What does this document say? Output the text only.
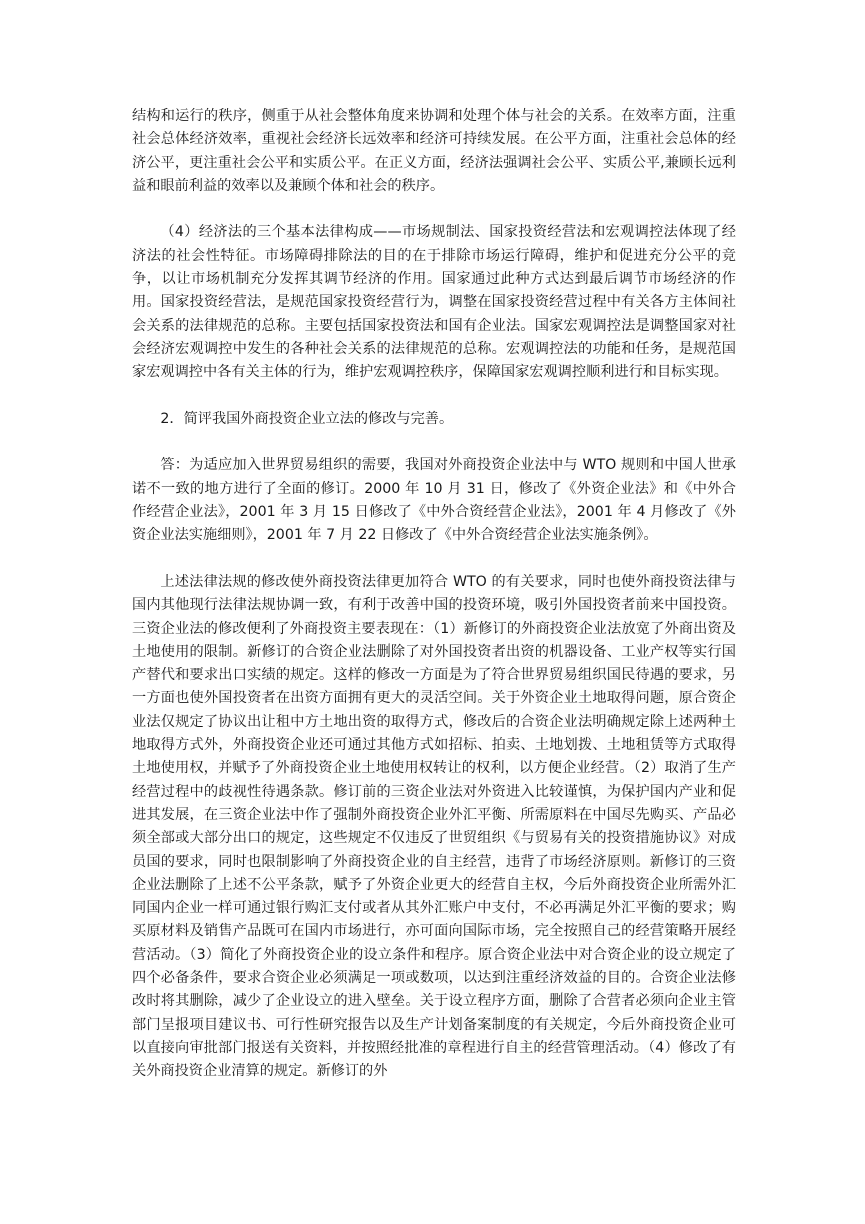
结构和运行的秩序，侧重于从社会整体角度来协调和处理个体与社会的关系。在效率方面，注重社会总体经济效率，重视社会经济长远效率和经济可持续发展。在公平方面，注重社会总体的经济公平，更注重社会公平和实质公平。在正义方面，经济法强调社会公平、实质公平,兼顾长远利益和眼前利益的效率以及兼顾个体和社会的秩序。

（4）经济法的三个基本法律构成——市场规制法、国家投资经营法和宏观调控法体现了经济法的社会性特征。市场障碍排除法的目的在于排除市场运行障碍，维护和促进充分公平的竞争，以让市场机制充分发挥其调节经济的作用。国家通过此种方式达到最后调节市场经济的作用。国家投资经营法，是规范国家投资经营行为，调整在国家投资经营过程中有关各方主体间社会关系的法律规范的总称。主要包括国家投资法和国有企业法。国家宏观调控法是调整国家对社会经济宏观调控中发生的各种社会关系的法律规范的总称。宏观调控法的功能和任务，是规范国家宏观调控中各有关主体的行为，维护宏观调控秩序，保障国家宏观调控顺利进行和目标实现。

2．简评我国外商投资企业立法的修改与完善。

答：为适应加入世界贸易组织的需要，我国对外商投资企业法中与 WTO 规则和中国人世承诺不一致的地方进行了全面的修订。2000 年 10 月 31 日，修改了《外资企业法》和《中外合作经营企业法》，2001 年 3 月 15 日修改了《中外合资经营企业法》，2001 年 4 月修改了《外资企业法实施细则》，2001 年 7 月 22 日修改了《中外合资经营企业法实施条例》。

上述法律法规的修改使外商投资法律更加符合 WTO 的有关要求，同时也使外商投资法律与国内其他现行法律法规协调一致，有利于改善中国的投资环境，吸引外国投资者前来中国投资。三资企业法的修改便利了外商投资主要表现在：（1）新修订的外商投资企业法放宽了外商出资及土地使用的限制。新修订的合资企业法删除了对外国投资者出资的机器设备、工业产权等实行国产替代和要求出口实绩的规定。这样的修改一方面是为了符合世界贸易组织国民待遇的要求，另一方面也使外国投资者在出资方面拥有更大的灵活空间。关于外资企业土地取得问题，原合资企业法仅规定了协议出让租中方土地出资的取得方式，修改后的合资企业法明确规定除上述两种土地取得方式外，外商投资企业还可通过其他方式如招标、拍卖、土地划拨、土地租赁等方式取得土地使用权，并赋予了外商投资企业土地使用权转让的权利，以方便企业经营。（2）取消了生产经营过程中的歧视性待遇条款。修订前的三资企业法对外资进入比较谨慎，为保护国内产业和促进其发展，在三资企业法中作了强制外商投资企业外汇平衡、所需原料在中国尽先购买、产品必须全部或大部分出口的规定，这些规定不仅违反了世贸组织《与贸易有关的投资措施协议》对成员国的要求，同时也限制影响了外商投资企业的自主经营，违背了市场经济原则。新修订的三资企业法删除了上述不公平条款，赋予了外资企业更大的经营自主权，今后外商投资企业所需外汇同国内企业一样可通过银行购汇支付或者从其外汇账户中支付，不必再满足外汇平衡的要求；购买原材料及销售产品既可在国内市场进行，亦可面向国际市场，完全按照自己的经营策略开展经营活动。（3）简化了外商投资企业的设立条件和程序。原合资企业法中对合资企业的设立规定了四个必备条件，要求合资企业必须满足一项或数项，以达到注重经济效益的目的。合资企业法修改时将其删除，减少了企业设立的进入壁垒。关于设立程序方面，删除了合营者必须向企业主管部门呈报项目建议书、可行性研究报告以及生产计划备案制度的有关规定，今后外商投资企业可以直接向审批部门报送有关资料，并按照经批准的章程进行自主的经营管理活动。（4）修改了有关外商投资企业清算的规定。新修订的外
